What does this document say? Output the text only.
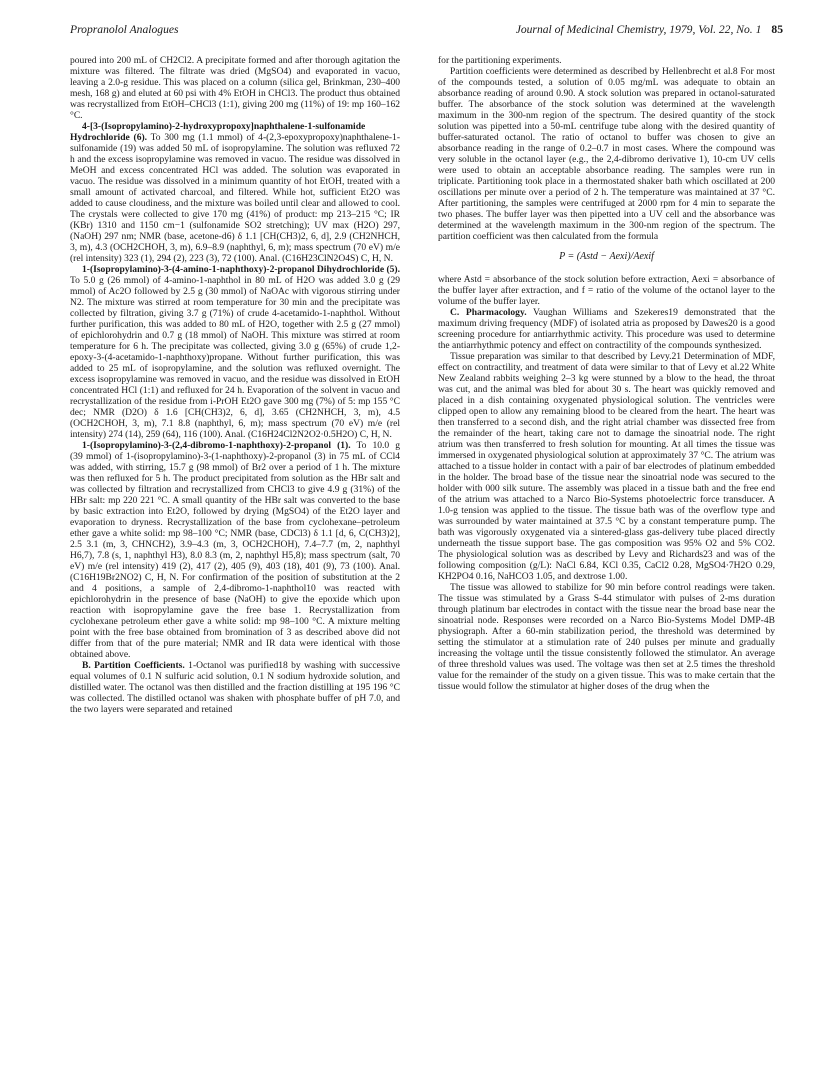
Propranolol Analogues	Journal of Medicinal Chemistry, 1979, Vol. 22, No. 1 85

poured into 200 mL of CH2Cl2. A precipitate formed and after thorough agitation the mixture was filtered. The filtrate was dried (MgSO4) and evaporated in vacuo, leaving a 2.0-g residue. This was placed on a column (silica gel, Brinkman, 230–400 mesh, 168 g) and eluted at 60 psi with 4% EtOH in CHCl3. The product thus obtained was recrystallized from EtOH–CHCl3 (1:1), giving 200 mg (11%) of 19: mp 160–162 °C.

4-[3-(Isopropylamino)-2-hydroxypropoxy]naphthalene-1-sulfonamide Hydrochloride (6). To 300 mg (1.1 mmol) of 4-(2,3-epoxypropoxy)naphthalene-1-sulfonamide (19) was added 50 mL of isopropylamine. The solution was refluxed 72 h and the excess isopropylamine was removed in vacuo. The residue was dissolved in MeOH and excess concentrated HCl was added. The solution was evaporated in vacuo. The residue was dissolved in a minimum quantity of hot EtOH, treated with a small amount of activated charcoal, and filtered. While hot, sufficient Et2O was added to cause cloudiness, and the mixture was boiled until clear and allowed to cool. The crystals were collected to give 170 mg (41%) of product: mp 213–215 °C; IR (KBr) 1310 and 1150 cm−1 (sulfonamide SO2 stretching); UV max (H2O) 297, (NaOH) 297 nm; NMR (base, acetone-d6) δ 1.1 [CH(CH3)2, 6, d], 2.9 (CH2NHCH, 3, m), 4.3 (OCH2CHOH, 3, m), 6.9–8.9 (naphthyl, 6, m); mass spectrum (70 eV) m/e (rel intensity) 323 (1), 294 (2), 223 (3), 72 (100). Anal. (C16H23ClN2O4S) C, H, N.

1-(Isopropylamino)-3-(4-amino-1-naphthoxy)-2-propanol Dihydrochloride (5). To 5.0 g (26 mmol) of 4-amino-1-naphthol in 80 mL of H2O was added 3.0 g (29 mmol) of Ac2O followed by 2.5 g (30 mmol) of NaOAc with vigorous stirring under N2. The mixture was stirred at room temperature for 30 min and the precipitate was collected by filtration, giving 3.7 g (71%) of crude 4-acetamido-1-naphthol. Without further purification, this was added to 80 mL of H2O, together with 2.5 g (27 mmol) of epichlorohydrin and 0.7 g (18 mmol) of NaOH. This mixture was stirred at room temperature for 6 h. The precipitate was collected, giving 3.0 g (65%) of crude 1,2-epoxy-3-(4-acetamido-1-naphthoxy)propane. Without further purification, this was added to 25 mL of isopropylamine, and the solution was refluxed overnight. The excess isopropylamine was removed in vacuo, and the residue was dissolved in EtOH concentrated HCl (1:1) and refluxed for 24 h. Evaporation of the solvent in vacuo and recrystallization of the residue from i-PrOH Et2O gave 300 mg (7%) of 5: mp 155 °C dec; NMR (D2O) δ 1.6 [CH(CH3)2, 6, d], 3.65 (CH2NHCH, 3, m), 4.5 (OCH2CHOH, 3, m), 7.1 8.8 (naphthyl, 6, m); mass spectrum (70 eV) m/e (rel intensity) 274 (14), 259 (64), 116 (100). Anal. (C16H24Cl2N2O2·0.5H2O) C, H, N.

1-(Isopropylamino)-3-(2,4-dibromo-1-naphthoxy)-2-propanol (1). To 10.0 g (39 mmol) of 1-(isopropylamino)-3-(1-naphthoxy)-2-propanol (3) in 75 mL of CCl4 was added, with stirring, 15.7 g (98 mmol) of Br2 over a period of 1 h. The mixture was then refluxed for 5 h. The product precipitated from solution as the HBr salt and was collected by filtration and recrystallized from CHCl3 to give 4.9 g (31%) of the HBr salt: mp 220 221 °C. A small quantity of the HBr salt was converted to the base by basic extraction into Et2O, followed by drying (MgSO4) of the Et2O layer and evaporation to dryness. Recrystallization of the base from cyclohexane–petroleum ether gave a white solid: mp 98–100 °C; NMR (base, CDCl3) δ 1.1 [d, 6, C(CH3)2], 2.5 3.1 (m, 3, CHNCH2), 3.9–4.3 (m, 3, OCH2CHOH), 7.4–7.7 (m, 2, naphthyl H6,7), 7.8 (s, 1, naphthyl H3), 8.0 8.3 (m, 2, naphthyl H5,8); mass spectrum (salt, 70 eV) m/e (rel intensity) 419 (2), 417 (2), 405 (9), 403 (18), 401 (9), 73 (100). Anal. (C16H19Br2NO2) C, H, N. For confirmation of the position of substitution at the 2 and 4 positions, a sample of 2,4-dibromo-1-naphthol10 was reacted with epichlorohydrin in the presence of base (NaOH) to give the epoxide which upon reaction with isopropylamine gave the free base 1. Recrystallization from cyclohexane petroleum ether gave a white solid: mp 98–100 °C. A mixture melting point with the free base obtained from bromination of 3 as described above did not differ from that of the pure material; NMR and IR data were identical with those obtained above.

B. Partition Coefficients. 1-Octanol was purified18 by washing with successive equal volumes of 0.1 N sulfuric acid solution, 0.1 N sodium hydroxide solution, and distilled water. The octanol was then distilled and the fraction distilling at 195 196 °C was collected. The distilled octanol was shaken with phosphate buffer of pH 7.0, and the two layers were separated and retained

for the partitioning experiments.

Partition coefficients were determined as described by Hellenbrecht et al.8 For most of the compounds tested, a solution of 0.05 mg/mL was adequate to obtain an absorbance reading of around 0.90. A stock solution was prepared in octanol-saturated buffer. The absorbance of the stock solution was determined at the wavelength maximum in the 300-nm region of the spectrum. The desired quantity of the stock solution was pipetted into a 50-mL centrifuge tube along with the desired quantity of buffer-saturated octanol. The ratio of octanol to buffer was chosen to give an absorbance reading in the range of 0.2–0.7 in most cases. Where the compound was very soluble in the octanol layer (e.g., the 2,4-dibromo derivative 1), 10-cm UV cells were used to obtain an acceptable absorbance reading. The samples were run in triplicate. Partitioning took place in a thermostated shaker bath which oscillated at 200 oscillations per minute over a period of 2 h. The temperature was maintained at 37 °C. After partitioning, the samples were centrifuged at 2000 rpm for 4 min to separate the two phases. The buffer layer was then pipetted into a UV cell and the absorbance was determined at the wavelength maximum in the 300-nm region of the spectrum. The partition coefficient was then calculated from the formula

P = (Astd − Aexi)/Aexif

where Astd = absorbance of the stock solution before extraction, Aexi = absorbance of the buffer layer after extraction, and f = ratio of the volume of the octanol layer to the volume of the buffer layer.

C. Pharmacology. Vaughan Williams and Szekeres19 demonstrated that the maximum driving frequency (MDF) of isolated atria as proposed by Dawes20 is a good screening procedure for antiarrhythmic activity. This procedure was used to determine the antiarrhythmic potency and effect on contractility of the compounds synthesized.

Tissue preparation was similar to that described by Levy.21 Determination of MDF, effect on contractility, and treatment of data were similar to that of Levy et al.22 White New Zealand rabbits weighing 2–3 kg were stunned by a blow to the head, the throat was cut, and the animal was bled for about 30 s. The heart was quickly removed and placed in a dish containing oxygenated physiological solution. The ventricles were clipped open to allow any remaining blood to be cleared from the heart. The heart was then transferred to a second dish, and the right atrial chamber was dissected free from the remainder of the heart, taking care not to damage the sinoatrial node. The right atrium was then transferred to fresh solution for mounting. At all times the tissue was immersed in oxygenated physiological solution at approximately 37 °C. The atrium was attached to a tissue holder in contact with a pair of bar electrodes of platinum embedded in the holder. The broad base of the tissue near the sinoatrial node was secured to the holder with 000 silk suture. The assembly was placed in a tissue bath and the free end of the atrium was attached to a Narco Bio-Systems photoelectric force transducer. A 1.0-g tension was applied to the tissue. The tissue bath was of the overflow type and was surrounded by water maintained at 37.5 °C by a constant temperature pump. The bath was vigorously oxygenated via a sintered-glass gas-delivery tube placed directly underneath the tissue support base. The gas composition was 95% O2 and 5% CO2. The physiological solution was as described by Levy and Richards23 and was of the following composition (g/L): NaCl 6.84, KCl 0.35, CaCl2 0.28, MgSO4·7H2O 0.29, KH2PO4 0.16, NaHCO3 1.05, and dextrose 1.00.

The tissue was allowed to stabilize for 90 min before control readings were taken. The tissue was stimulated by a Grass S-44 stimulator with pulses of 2-ms duration through platinum bar electrodes in contact with the tissue near the broad base near the sinoatrial node. Responses were recorded on a Narco Bio-Systems Model DMP-4B physiograph. After a 60-min stabilization period, the threshold was determined by setting the stimulator at a stimulation rate of 240 pulses per minute and gradually increasing the voltage until the tissue consistently followed the stimulator. An average of three threshold values was used. The voltage was then set at 2.5 times the threshold value for the remainder of the study on a given tissue. This was to make certain that the tissue would follow the stimulator at higher doses of the drug when the
